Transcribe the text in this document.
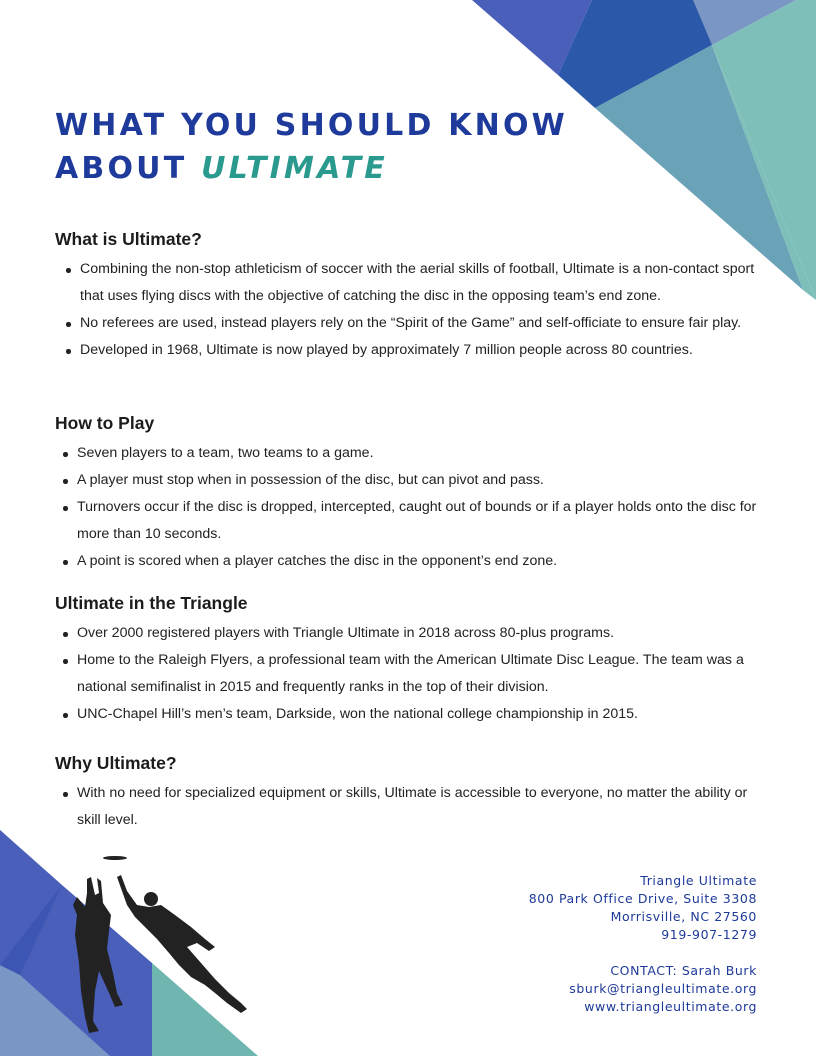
WHAT YOU SHOULD KNOW
ABOUT ULTIMATE
What is Ultimate?
Combining the non-stop athleticism of soccer with the aerial skills of football, Ultimate is a non-contact sport that uses flying discs with the objective of catching the disc in the opposing team’s end zone.
No referees are used, instead players rely on the “Spirit of the Game” and self-officiate to ensure fair play.
Developed in 1968, Ultimate is now played by approximately 7 million people across 80 countries.
How to Play
Seven players to a team, two teams to a game.
A player must stop when in possession of the disc, but can pivot and pass.
Turnovers occur if the disc is dropped, intercepted, caught out of bounds or if a player holds onto the disc for more than 10 seconds.
A point is scored when a player catches the disc in the opponent’s end zone.
Ultimate in the Triangle
Over 2000 registered players with Triangle Ultimate in 2018 across 80-plus programs.
Home to the Raleigh Flyers, a professional team with the American Ultimate Disc League. The team was a national semifinalist in 2015 and frequently ranks in the top of their division.
UNC-Chapel Hill’s men’s team, Darkside, won the national college championship in 2015.
Why Ultimate?
With no need for specialized equipment or skills, Ultimate is accessible to everyone, no matter the ability or skill level.
Triangle Ultimate
800 Park Office Drive, Suite 3308
Morrisville, NC 27560
919-907-1279
CONTACT: Sarah Burk
sburk@triangleultimate.org
www.triangleultimate.org
